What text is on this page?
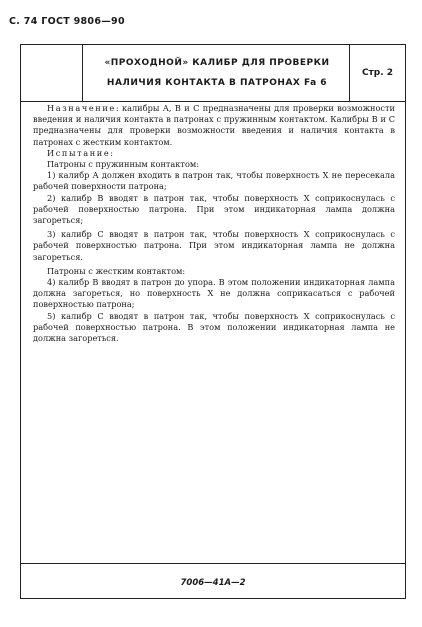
С. 74 ГОСТ 9806—90
«ПРОХОДНОЙ» КАЛИБР ДЛЯ ПРОВЕРКИ
НАЛИЧИЯ КОНТАКТА В ПАТРОНАХ Fa 6
Стр. 2

Назначение: калибры А, В и С предназначены для проверки возможности введения и наличия контакта в патронах с пружинным контактом. Калибры В и С предназначены для проверки возможности введения и наличия контакта в патронах с жестким контактом.

Испытание:

Патроны с пружинным контактом:

1) калибр А должен входить в патрон так, чтобы поверхность X не пересекала рабочей поверхности патрона;

2) калибр В вводят в патрон так, чтобы поверхность X соприкоснулась с рабочей поверхностью патрона. При этом индикаторная лампа должна загореться;

3) калибр С вводят в патрон так, чтобы поверхность X соприкоснулась с рабочей поверхностью патрона. При этом индикаторная лампа не должна загореться.

Патроны с жестким контактом:

4) калибр В вводят в патрон до упора. В этом положении индикаторная лампа должна загореться, но поверхность X не должна соприкасаться с рабочей поверхностью патрона;

5) калибр С вводят в патрон так, чтобы поверхность X соприкоснулась с рабочей поверхностью патрона. В этом положении индикаторная лампа не должна загореться.

7006—41А—2
